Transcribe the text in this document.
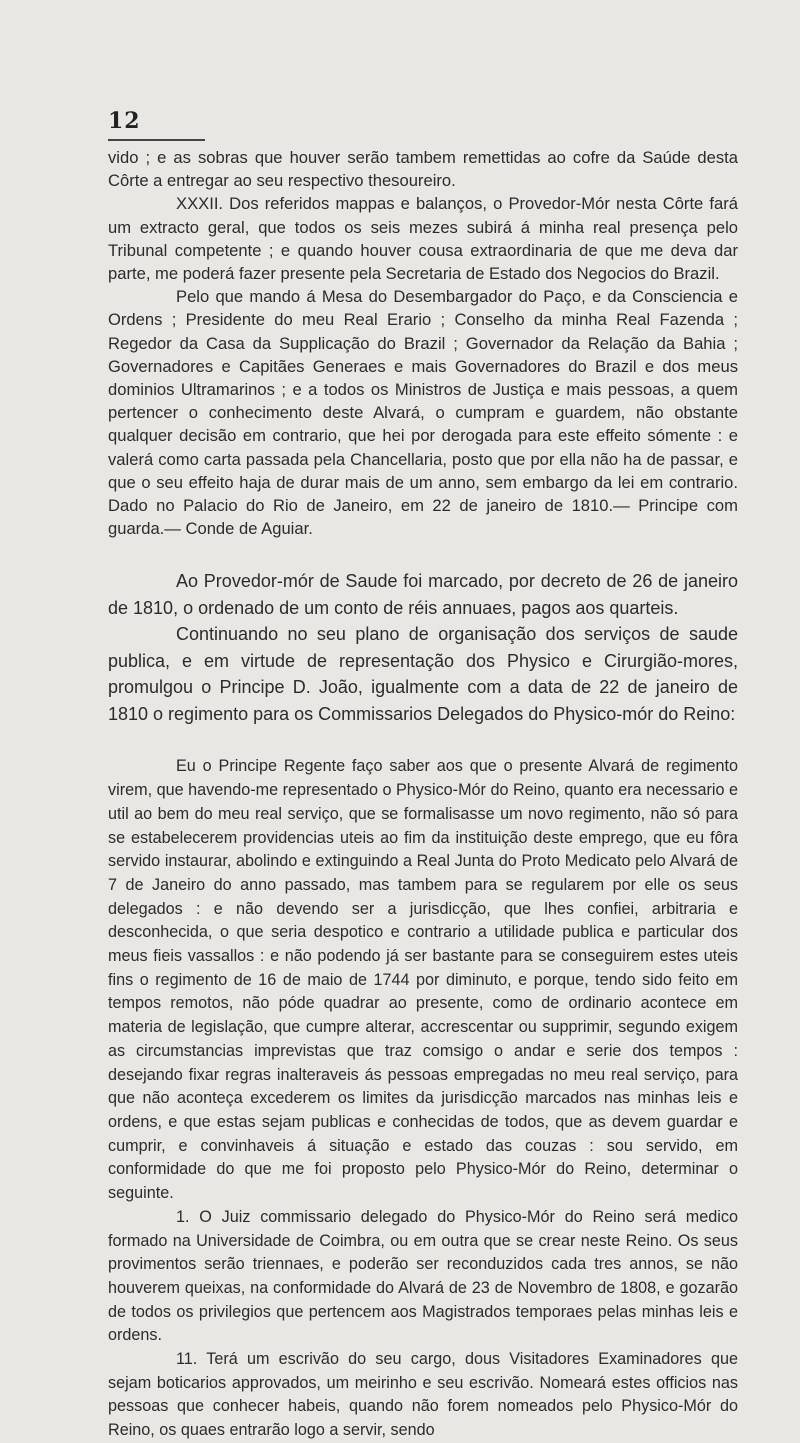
12

vido ; e as sobras que houver serão tambem remettidas ao cofre da Saúde desta Côrte a entregar ao seu respectivo thesoureiro.

XXXII. Dos referidos mappas e balanços, o Provedor-Mór nesta Côrte fará um extracto geral, que todos os seis mezes subirá á minha real presença pelo Tribunal competente ; e quando houver cousa extraordinaria de que me deva dar parte, me poderá fazer presente pela Secretaria de Estado dos Negocios do Brazil.

Pelo que mando á Mesa do Desembargador do Paço, e da Consciencia e Ordens ; Presidente do meu Real Erario ; Conselho da minha Real Fazenda ; Regedor da Casa da Supplicação do Brazil ; Governador da Relação da Bahia ; Governadores e Capitães Generaes e mais Governadores do Brazil e dos meus dominios Ultramarinos ; e a todos os Ministros de Justiça e mais pessoas, a quem pertencer o conhecimento deste Alvará, o cumpram e guardem, não obstante qualquer decisão em contrario, que hei por derogada para este effeito sómente : e valerá como carta passada pela Chancellaria, posto que por ella não ha de passar, e que o seu effeito haja de durar mais de um anno, sem embargo da lei em contrario. Dado no Palacio do Rio de Janeiro, em 22 de janeiro de 1810.— Principe com guarda.— Conde de Aguiar.

Ao Provedor-mór de Saude foi marcado, por decreto de 26 de janeiro de 1810, o ordenado de um conto de réis annuaes, pagos aos quarteis.

Continuando no seu plano de organisação dos serviços de saude publica, e em virtude de representação dos Physico e Cirurgião-mores, promulgou o Principe D. João, igualmente com a data de 22 de janeiro de 1810 o regimento para os Commissarios Delegados do Physico-mór do Reino:

Eu o Principe Regente faço saber aos que o presente Alvará de regimento virem, que havendo-me representado o Physico-Mór do Reino, quanto era necessario e util ao bem do meu real serviço, que se formalisasse um novo regimento, não só para se estabelecerem providencias uteis ao fim da instituição deste emprego, que eu fôra servido instaurar, abolindo e extinguindo a Real Junta do Proto Medicato pelo Alvará de 7 de Janeiro do anno passado, mas tambem para se regularem por elle os seus delegados : e não devendo ser a jurisdicção, que lhes confiei, arbitraria e desconhecida, o que seria despotico e contrario a utilidade publica e particular dos meus fieis vassallos : e não podendo já ser bastante para se conseguirem estes uteis fins o regimento de 16 de maio de 1744 por diminuto, e porque, tendo sido feito em tempos remotos, não póde quadrar ao presente, como de ordinario acontece em materia de legislação, que cumpre alterar, accrescentar ou supprimir, segundo exigem as circumstancias imprevistas que traz comsigo o andar e serie dos tempos : desejando fixar regras inalteraveis ás pessoas empregadas no meu real serviço, para que não aconteça excederem os limites da jurisdicção marcados nas minhas leis e ordens, e que estas sejam publicas e conhecidas de todos, que as devem guardar e cumprir, e convinhaveis á situação e estado das couzas : sou servido, em conformidade do que me foi proposto pelo Physico-Mór do Reino, determinar o seguinte.

1. O Juiz commissario delegado do Physico-Mór do Reino será medico formado na Universidade de Coimbra, ou em outra que se crear neste Reino. Os seus provimentos serão triennaes, e poderão ser reconduzidos cada tres annos, se não houverem queixas, na conformidade do Alvará de 23 de Novembro de 1808, e gozarão de todos os privilegios que pertencem aos Magistrados temporaes pelas minhas leis e ordens.

11. Terá um escrivão do seu cargo, dous Visitadores Examinadores que sejam boticarios approvados, um meirinho e seu escrivão. Nomeará estes officios nas pessoas que conhecer habeis, quando não forem nomeados pelo Physico-Mór do Reino, os quaes entrarão logo a servir, sendo
